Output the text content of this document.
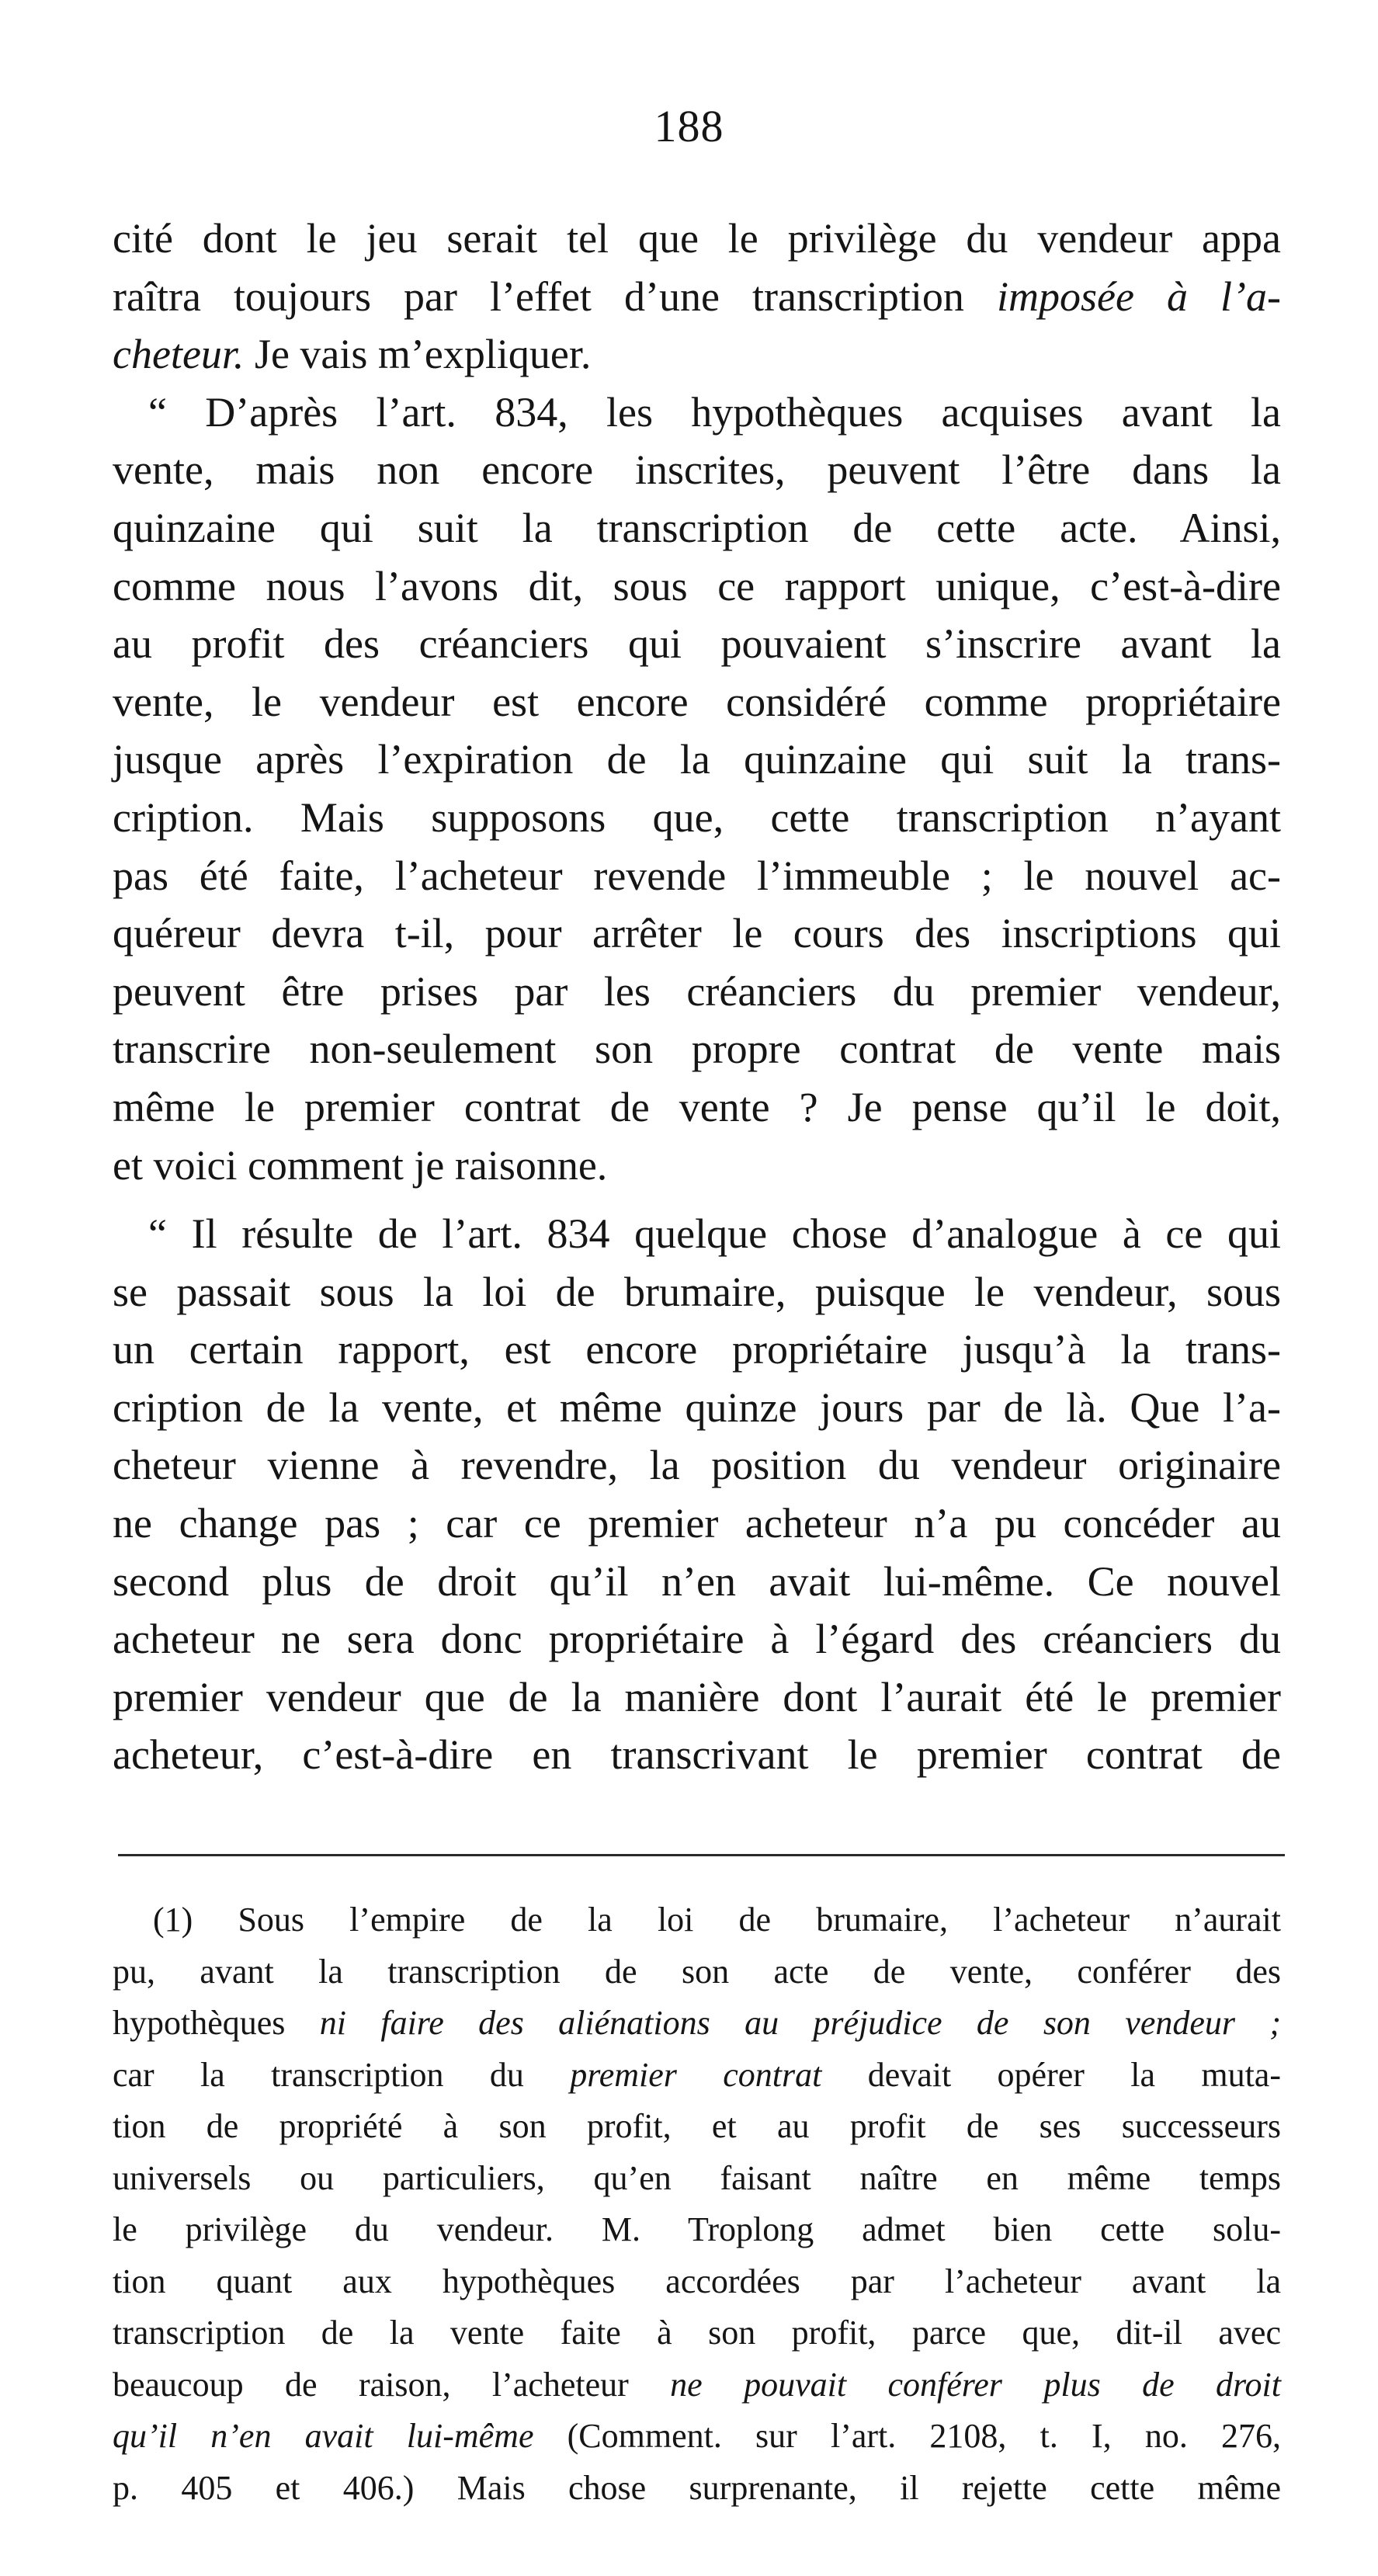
188
cité dont le jeu serait tel que le privilège du vendeur appa
raîtra toujours par l’effet d’une transcription imposée à l’a-
cheteur. Je vais m’expliquer.
“ D’après l’art. 834, les hypothèques acquises avant la
vente, mais non encore inscrites, peuvent l’être dans la
quinzaine qui suit la transcription de cette acte. Ainsi,
comme nous l’avons dit, sous ce rapport unique, c’est-à-dire
au profit des créanciers qui pouvaient s’inscrire avant la
vente, le vendeur est encore considéré comme propriétaire
jusque après l’expiration de la quinzaine qui suit la trans-
cription. Mais supposons que, cette transcription n’ayant
pas été faite, l’acheteur revende l’immeuble ; le nouvel ac-
quéreur devra t-il, pour arrêter le cours des inscriptions qui
peuvent être prises par les créanciers du premier vendeur,
transcrire non-seulement son propre contrat de vente mais
même le premier contrat de vente ? Je pense qu’il le doit,
et voici comment je raisonne.
“ Il résulte de l’art. 834 quelque chose d’analogue à ce qui
se passait sous la loi de brumaire, puisque le vendeur, sous
un certain rapport, est encore propriétaire jusqu’à la trans-
cription de la vente, et même quinze jours par de là. Que l’a-
cheteur vienne à revendre, la position du vendeur originaire
ne change pas ; car ce premier acheteur n’a pu concéder au
second plus de droit qu’il n’en avait lui-même. Ce nouvel
acheteur ne sera donc propriétaire à l’égard des créanciers du
premier vendeur que de la manière dont l’aurait été le premier
acheteur, c’est-à-dire en transcrivant le premier contrat de
(1) Sous l’empire de la loi de brumaire, l’acheteur n’aurait
pu, avant la transcription de son acte de vente, conférer des
hypothèques ni faire des aliénations au préjudice de son vendeur ;
car la transcription du premier contrat devait opérer la muta-
tion de propriété à son profit, et au profit de ses successeurs
universels ou particuliers, qu’en faisant naître en même temps
le privilège du vendeur. M. Troplong admet bien cette solu-
tion quant aux hypothèques accordées par l’acheteur avant la
transcription de la vente faite à son profit, parce que, dit-il avec
beaucoup de raison, l’acheteur ne pouvait conférer plus de droit
qu’il n’en avait lui-même (Comment. sur l’art. 2108, t. I, no. 276,
p. 405 et 406.) Mais chose surprenante, il rejette cette même
